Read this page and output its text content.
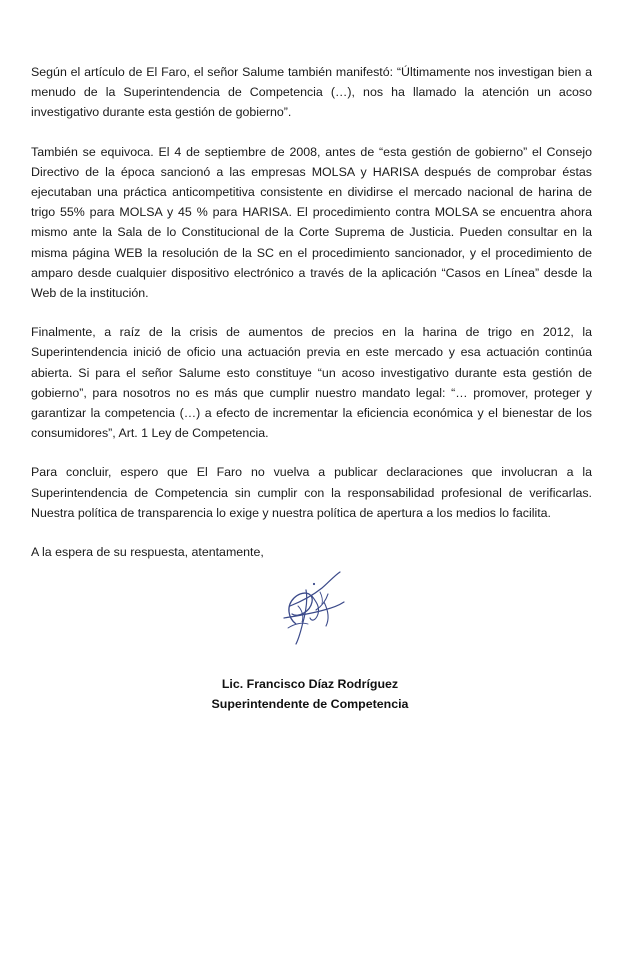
Según el artículo de El Faro, el señor Salume también manifestó: “Últimamente nos investigan bien a menudo de la Superintendencia de Competencia (…), nos ha llamado la atención un acoso investigativo durante esta gestión de gobierno”.

También se equivoca. El 4 de septiembre de 2008, antes de “esta gestión de gobierno” el Consejo Directivo de la época sancionó a las empresas MOLSA y HARISA después de comprobar éstas ejecutaban una práctica anticompetitiva consistente en dividirse el mercado nacional de harina de trigo 55% para MOLSA y 45 % para HARISA. El procedimiento contra MOLSA se encuentra ahora mismo ante la Sala de lo Constitucional de la Corte Suprema de Justicia. Pueden consultar en la misma página WEB la resolución de la SC en el procedimiento sancionador, y el procedimiento de amparo desde cualquier dispositivo electrónico a través de la aplicación “Casos en Línea” desde la Web de la institución.

Finalmente, a raíz de la crisis de aumentos de precios en la harina de trigo en 2012, la Superintendencia inició de oficio una actuación previa en este mercado y esa actuación continúa abierta. Si para el señor Salume esto constituye “un acoso investigativo durante esta gestión de gobierno”, para nosotros no es más que cumplir nuestro mandato legal: “… promover, proteger y garantizar la competencia (…) a efecto de incrementar la eficiencia económica y el bienestar de los consumidores”, Art. 1 Ley de Competencia.

Para concluir, espero que El Faro no vuelva a publicar declaraciones que involucran a la Superintendencia de Competencia sin cumplir con la responsabilidad profesional de verificarlas. Nuestra política de transparencia lo exige y nuestra política de apertura a los medios lo facilita.

A la espera de su respuesta, atentamente,

Lic. Francisco Díaz Rodríguez
Superintendente de Competencia
